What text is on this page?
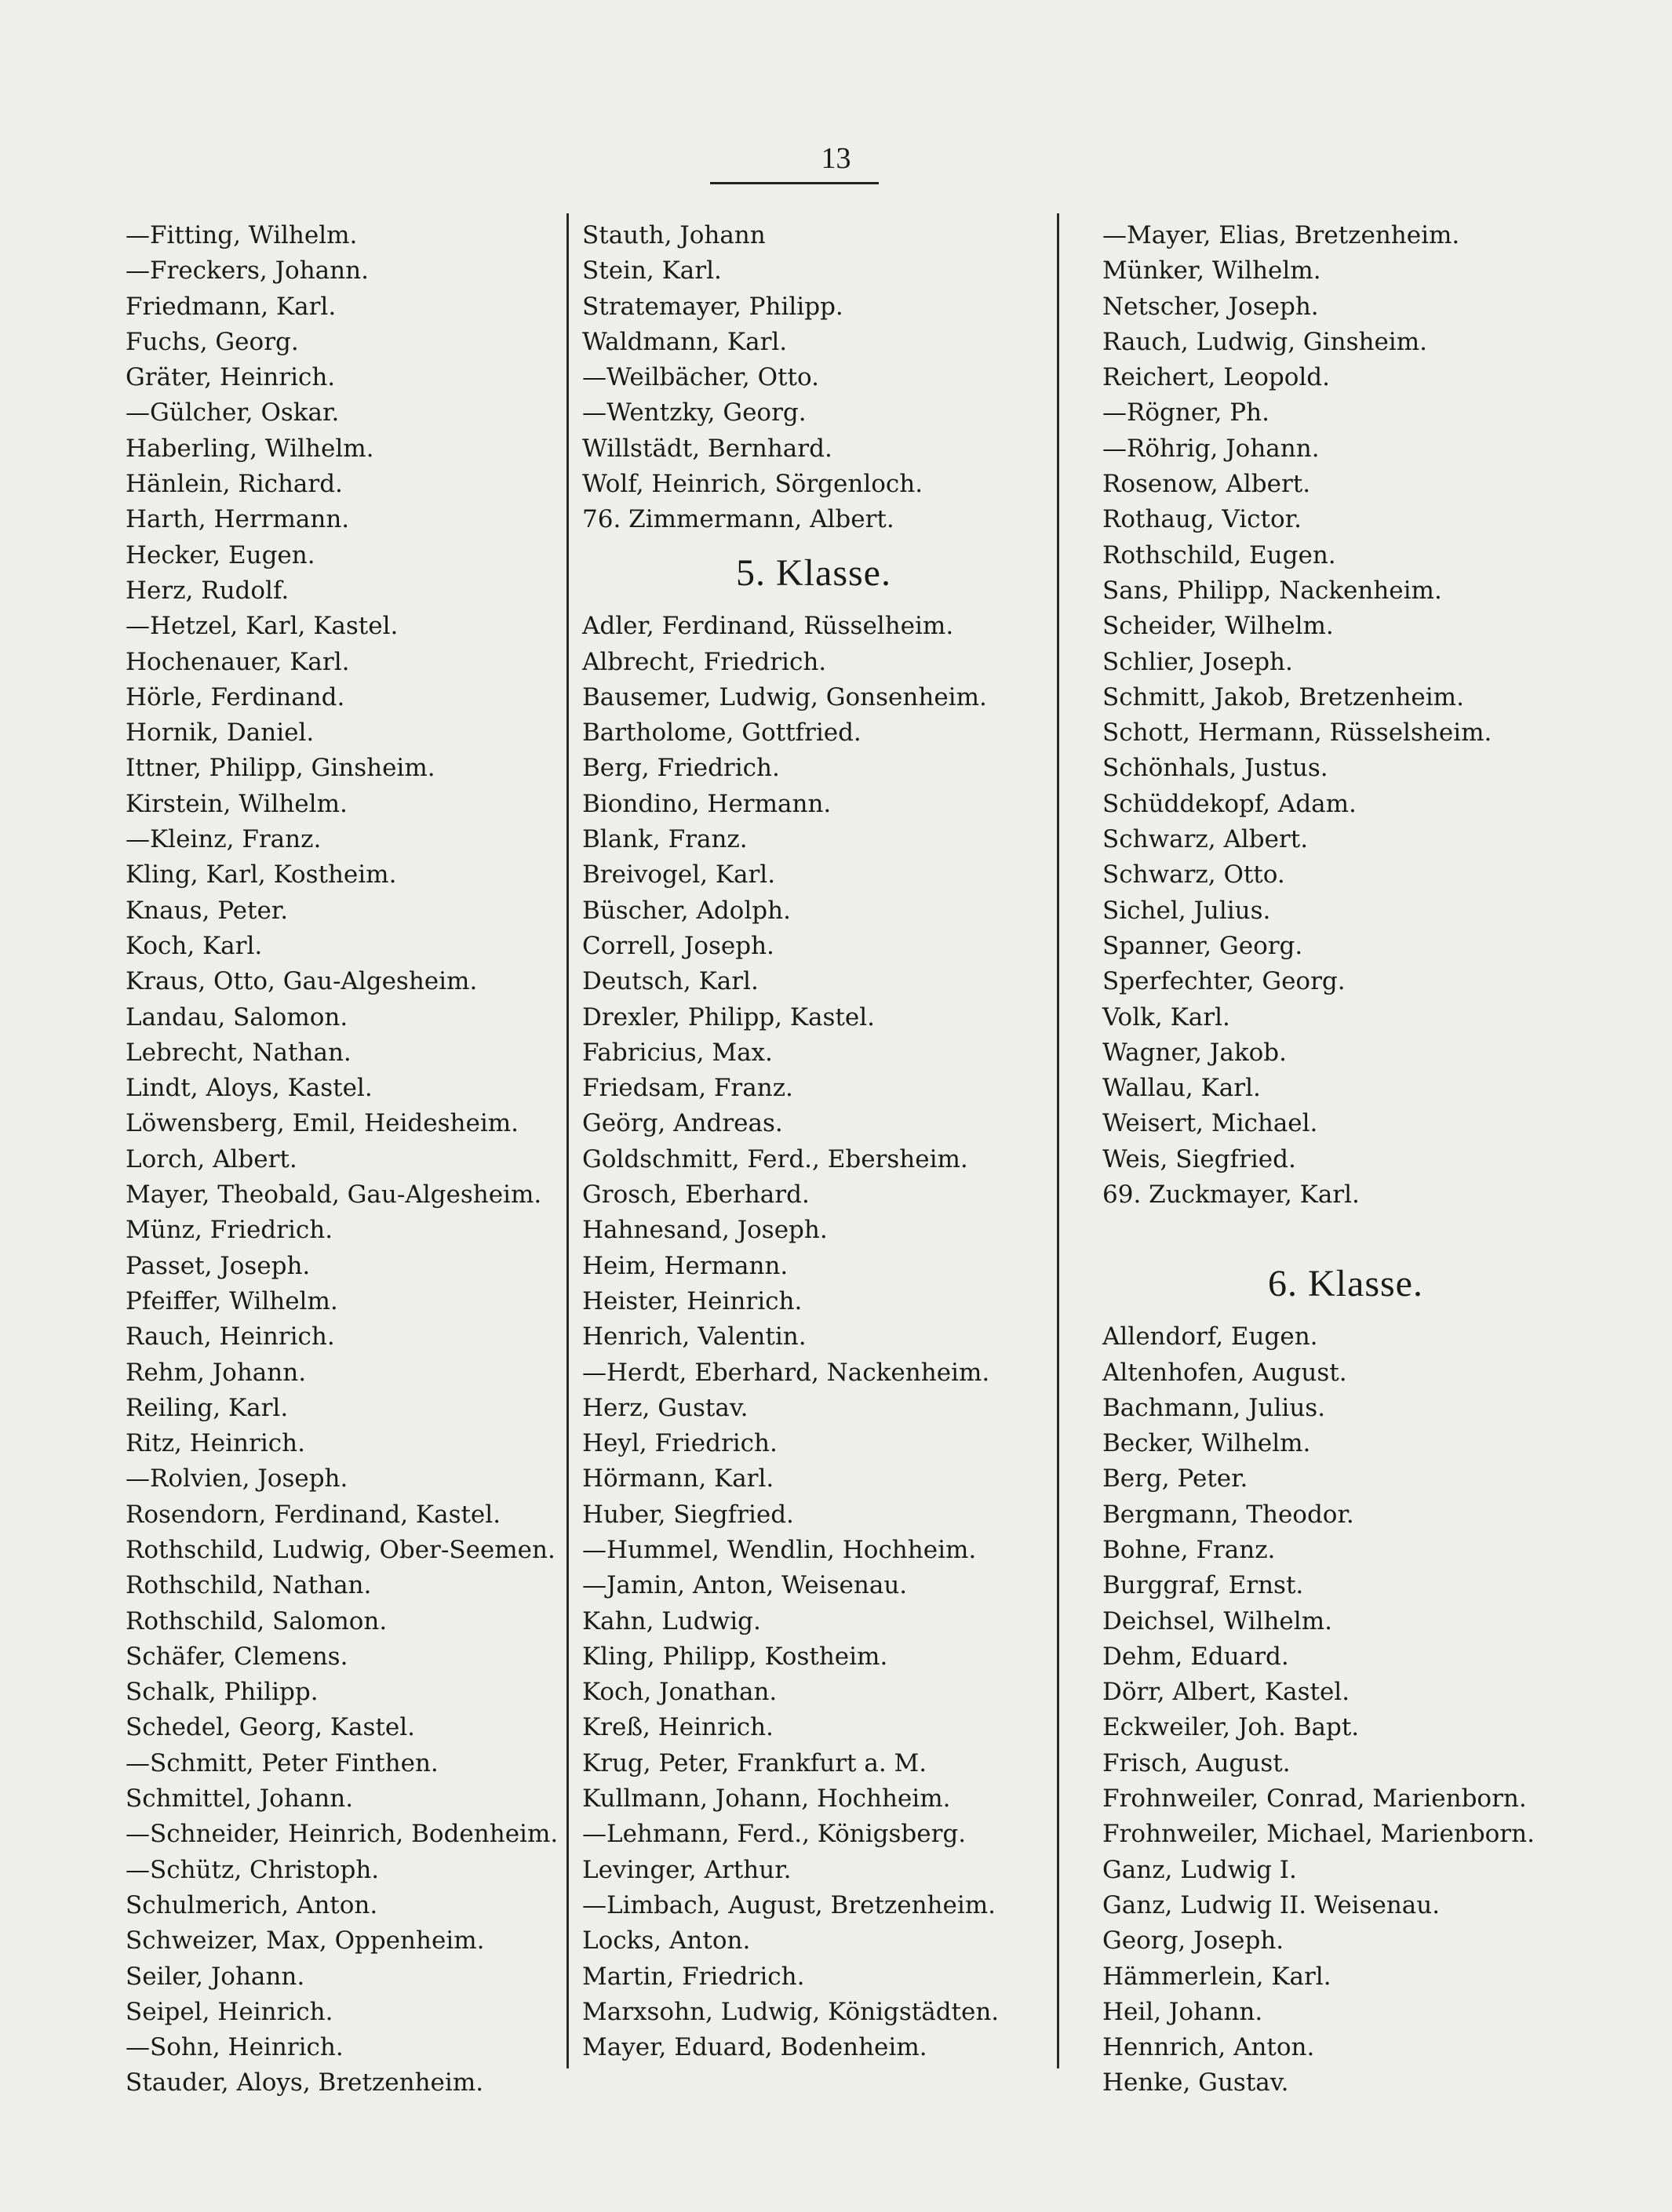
13
—Fitting, Wilhelm.
—Freckers, Johann.
Friedmann, Karl.
Fuchs, Georg.
Gräter, Heinrich.
—Gülcher, Oskar.
Haberling, Wilhelm.
Hänlein, Richard.
Harth, Herrmann.
Hecker, Eugen.
Herz, Rudolf.
—Hetzel, Karl, Kastel.
Hochenauer, Karl.
Hörle, Ferdinand.
Hornik, Daniel.
Ittner, Philipp, Ginsheim.
Kirstein, Wilhelm.
—Kleinz, Franz.
Kling, Karl, Kostheim.
Knaus, Peter.
Koch, Karl.
Kraus, Otto, Gau-Algesheim.
Landau, Salomon.
Lebrecht, Nathan.
Lindt, Aloys, Kastel.
Löwensberg, Emil, Heidesheim.
Lorch, Albert.
Mayer, Theobald, Gau-Algesheim.
Münz, Friedrich.
Passet, Joseph.
Pfeiffer, Wilhelm.
Rauch, Heinrich.
Rehm, Johann.
Reiling, Karl.
Ritz, Heinrich.
—Rolvien, Joseph.
Rosendorn, Ferdinand, Kastel.
Rothschild, Ludwig, Ober-Seemen.
Rothschild, Nathan.
Rothschild, Salomon.
Schäfer, Clemens.
Schalk, Philipp.
Schedel, Georg, Kastel.
—Schmitt, Peter Finthen.
Schmittel, Johann.
—Schneider, Heinrich, Bodenheim.
—Schütz, Christoph.
Schulmerich, Anton.
Schweizer, Max, Oppenheim.
Seiler, Johann.
Seipel, Heinrich.
—Sohn, Heinrich.
Stauder, Aloys, Bretzenheim.
Stauth, Johann
Stein, Karl.
Stratemayer, Philipp.
Waldmann, Karl.
—Weilbächer, Otto.
—Wentzky, Georg.
Willstädt, Bernhard.
Wolf, Heinrich, Sörgenloch.
76. Zimmermann, Albert.
5. Klasse.
Adler, Ferdinand, Rüsselheim.
Albrecht, Friedrich.
Bausemer, Ludwig, Gonsenheim.
Bartholome, Gottfried.
Berg, Friedrich.
Biondino, Hermann.
Blank, Franz.
Breivogel, Karl.
Büscher, Adolph.
Correll, Joseph.
Deutsch, Karl.
Drexler, Philipp, Kastel.
Fabricius, Max.
Friedsam, Franz.
Geörg, Andreas.
Goldschmitt, Ferd., Ebersheim.
Grosch, Eberhard.
Hahnesand, Joseph.
Heim, Hermann.
Heister, Heinrich.
Henrich, Valentin.
—Herdt, Eberhard, Nackenheim.
Herz, Gustav.
Heyl, Friedrich.
Hörmann, Karl.
Huber, Siegfried.
—Hummel, Wendlin, Hochheim.
—Jamin, Anton, Weisenau.
Kahn, Ludwig.
Kling, Philipp, Kostheim.
Koch, Jonathan.
Kreß, Heinrich.
Krug, Peter, Frankfurt a. M.
Kullmann, Johann, Hochheim.
—Lehmann, Ferd., Königsberg.
Levinger, Arthur.
—Limbach, August, Bretzenheim.
Locks, Anton.
Martin, Friedrich.
Marxsohn, Ludwig, Königstädten.
Mayer, Eduard, Bodenheim.
—Mayer, Elias, Bretzenheim.
Münker, Wilhelm.
Netscher, Joseph.
Rauch, Ludwig, Ginsheim.
Reichert, Leopold.
—Rögner, Ph.
—Röhrig, Johann.
Rosenow, Albert.
Rothaug, Victor.
Rothschild, Eugen.
Sans, Philipp, Nackenheim.
Scheider, Wilhelm.
Schlier, Joseph.
Schmitt, Jakob, Bretzenheim.
Schott, Hermann, Rüsselsheim.
Schönhals, Justus.
Schüddekopf, Adam.
Schwarz, Albert.
Schwarz, Otto.
Sichel, Julius.
Spanner, Georg.
Sperfechter, Georg.
Volk, Karl.
Wagner, Jakob.
Wallau, Karl.
Weisert, Michael.
Weis, Siegfried.
69. Zuckmayer, Karl.
6. Klasse.
Allendorf, Eugen.
Altenhofen, August.
Bachmann, Julius.
Becker, Wilhelm.
Berg, Peter.
Bergmann, Theodor.
Bohne, Franz.
Burggraf, Ernst.
Deichsel, Wilhelm.
Dehm, Eduard.
Dörr, Albert, Kastel.
Eckweiler, Joh. Bapt.
Frisch, August.
Frohnweiler, Conrad, Marienborn.
Frohnweiler, Michael, Marienborn.
Ganz, Ludwig I.
Ganz, Ludwig II. Weisenau.
Georg, Joseph.
Hämmerlein, Karl.
Heil, Johann.
Hennrich, Anton.
Henke, Gustav.
